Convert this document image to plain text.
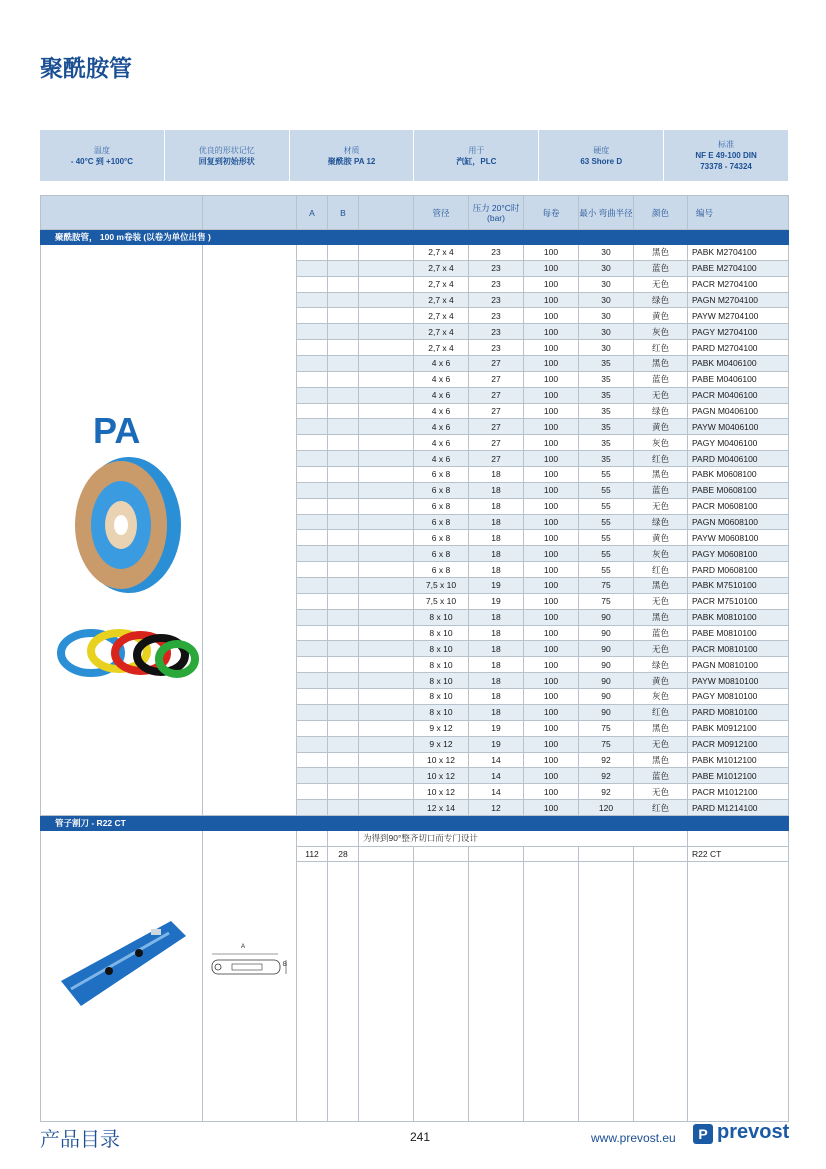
聚酰胺管
温度
- 40°C 到 +100°C
优良的形状记忆
回复到初始形状
材质
聚酰胺 PA 12
用于
汽缸，PLC
硬度
63 Shore D
标准
NF E 49-100 DIN 73378 - 74324
		A	B		管径	压力 20°C时 (bar)	每卷	最小 弯曲半径	颜色	编号
聚酰胺管， 100 m卷装 (以卷为单位出售 )										

PA					2,7 x 4	23	100	30	黑色	PABK M2704100
					2,7 x 4	23	100	30	蓝色	PABE M2704100
					2,7 x 4	23	100	30	无色	PACR M2704100
					2,7 x 4	23	100	30	绿色	PAGN M2704100
					2,7 x 4	23	100	30	黄色	PAYW M2704100
					2,7 x 4	23	100	30	灰色	PAGY M2704100
					2,7 x 4	23	100	30	红色	PARD M2704100
					4 x 6	27	100	35	黑色	PABK M0406100
					4 x 6	27	100	35	蓝色	PABE M0406100
					4 x 6	27	100	35	无色	PACR M0406100
					4 x 6	27	100	35	绿色	PAGN M0406100
					4 x 6	27	100	35	黄色	PAYW M0406100
					4 x 6	27	100	35	灰色	PAGY M0406100
					4 x 6	27	100	35	红色	PARD M0406100
					6 x 8	18	100	55	黑色	PABK M0608100
					6 x 8	18	100	55	蓝色	PABE M0608100
					6 x 8	18	100	55	无色	PACR M0608100
					6 x 8	18	100	55	绿色	PAGN M0608100
					6 x 8	18	100	55	黄色	PAYW M0608100
					6 x 8	18	100	55	灰色	PAGY M0608100
					6 x 8	18	100	55	红色	PARD M0608100
					7,5 x 10	19	100	75	黑色	PABK M7510100
					7,5 x 10	19	100	75	无色	PACR M7510100
					8 x 10	18	100	90	黑色	PABK M0810100
					8 x 10	18	100	90	蓝色	PABE M0810100
					8 x 10	18	100	90	无色	PACR M0810100
					8 x 10	18	100	90	绿色	PAGN M0810100
					8 x 10	18	100	90	黄色	PAYW M0810100
					8 x 10	18	100	90	灰色	PAGY M0810100
					8 x 10	18	100	90	红色	PARD M0810100
					9 x 12	19	100	75	黑色	PABK M0912100
					9 x 12	19	100	75	无色	PACR M0912100
					10 x 12	14	100	92	黑色	PABK M1012100
					10 x 12	14	100	92	蓝色	PABE M1012100
					10 x 12	14	100	92	无色	PACR M1012100
					12 x 14	12	100	120	红色	PARD M1214100
管子割刀 - R22 CT										

A
B			为得到90°整齐切口而专门设计						
		112	28							R22 CT

产品目录	241	www.prevost.eu	P prevost
